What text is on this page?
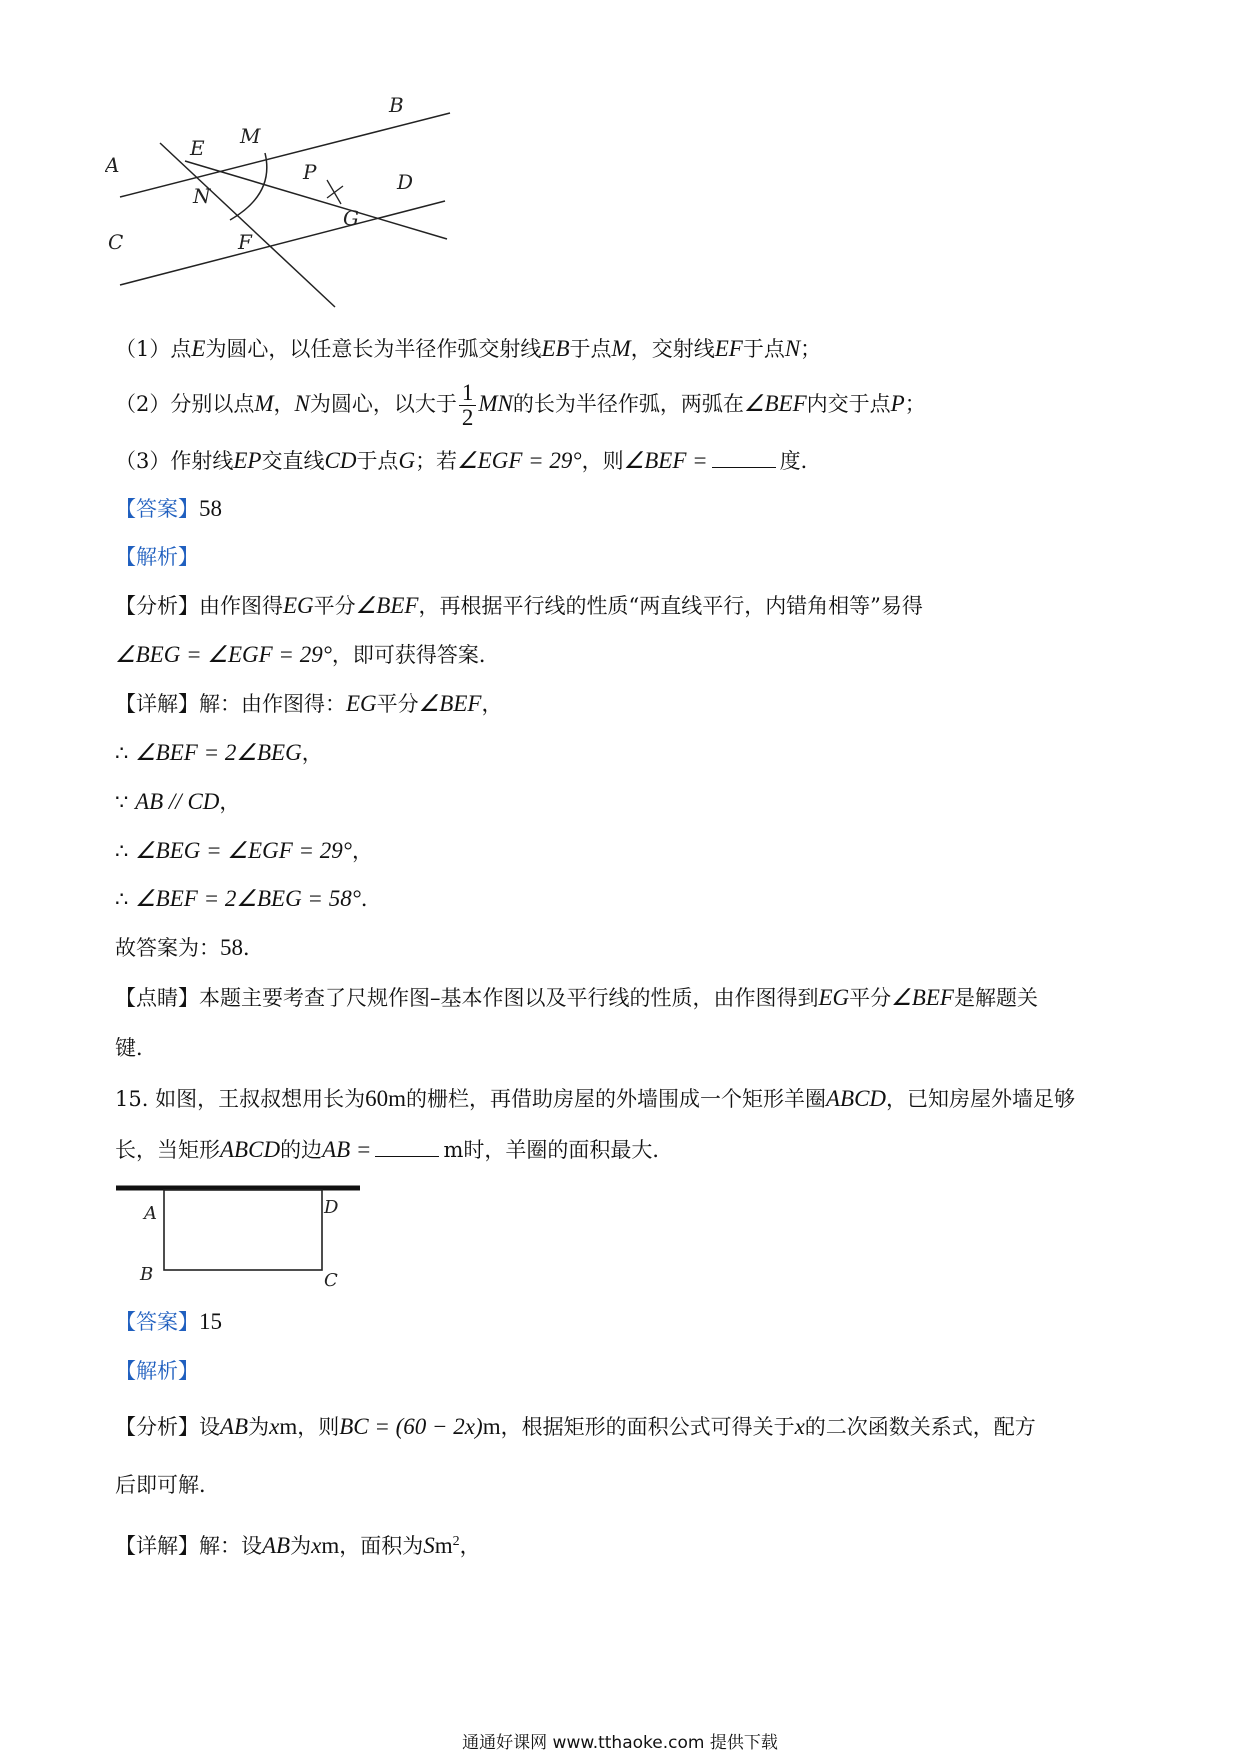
A
B
C
D
E
F
G
M
N
P
（1）点E为圆心，以任意长为半径作弧交射线EB于点M，交射线EF于点N；
（2）分别以点M，N为圆心，以大于 $\frac{1}{2}$ MN的长为半径作弧，两弧在∠BEF内交于点P；
（3）作射线EP交直线CD于点G；若∠EGF = 29°，则∠BEF =	度．
【答案】58
【解析】
【分析】由作图得EG平分∠BEF，再根据平行线的性质“两直线平行，内错角相等”易得
∠BEG = ∠EGF = 29°，即可获得答案．
【详解】解：由作图得：EG平分∠BEF，
∴ ∠BEF = 2∠BEG，
∵ AB // CD，
∴ ∠BEG = ∠EGF = 29°，
∴ ∠BEF = 2∠BEG = 58°．
故答案为：58．
【点睛】本题主要考查了尺规作图–基本作图以及平行线的性质，由作图得到EG平分∠BEF是解题关
键．
15. 如图，王叔叔想用长为60m的栅栏，再借助房屋的外墙围成一个矩形羊圈ABCD，已知房屋外墙足够
长，当矩形ABCD的边AB =	m时，羊圈的面积最大．
A	D
B	C
【答案】15
【解析】
【分析】设AB为xm，则BC = (60 − 2x)m，根据矩形的面积公式可得关于x的二次函数关系式，配方
后即可解．
【详解】解：设AB为xm，面积为Sm$^2$，
通通好课网 www.tthaoke.com 提供下载
